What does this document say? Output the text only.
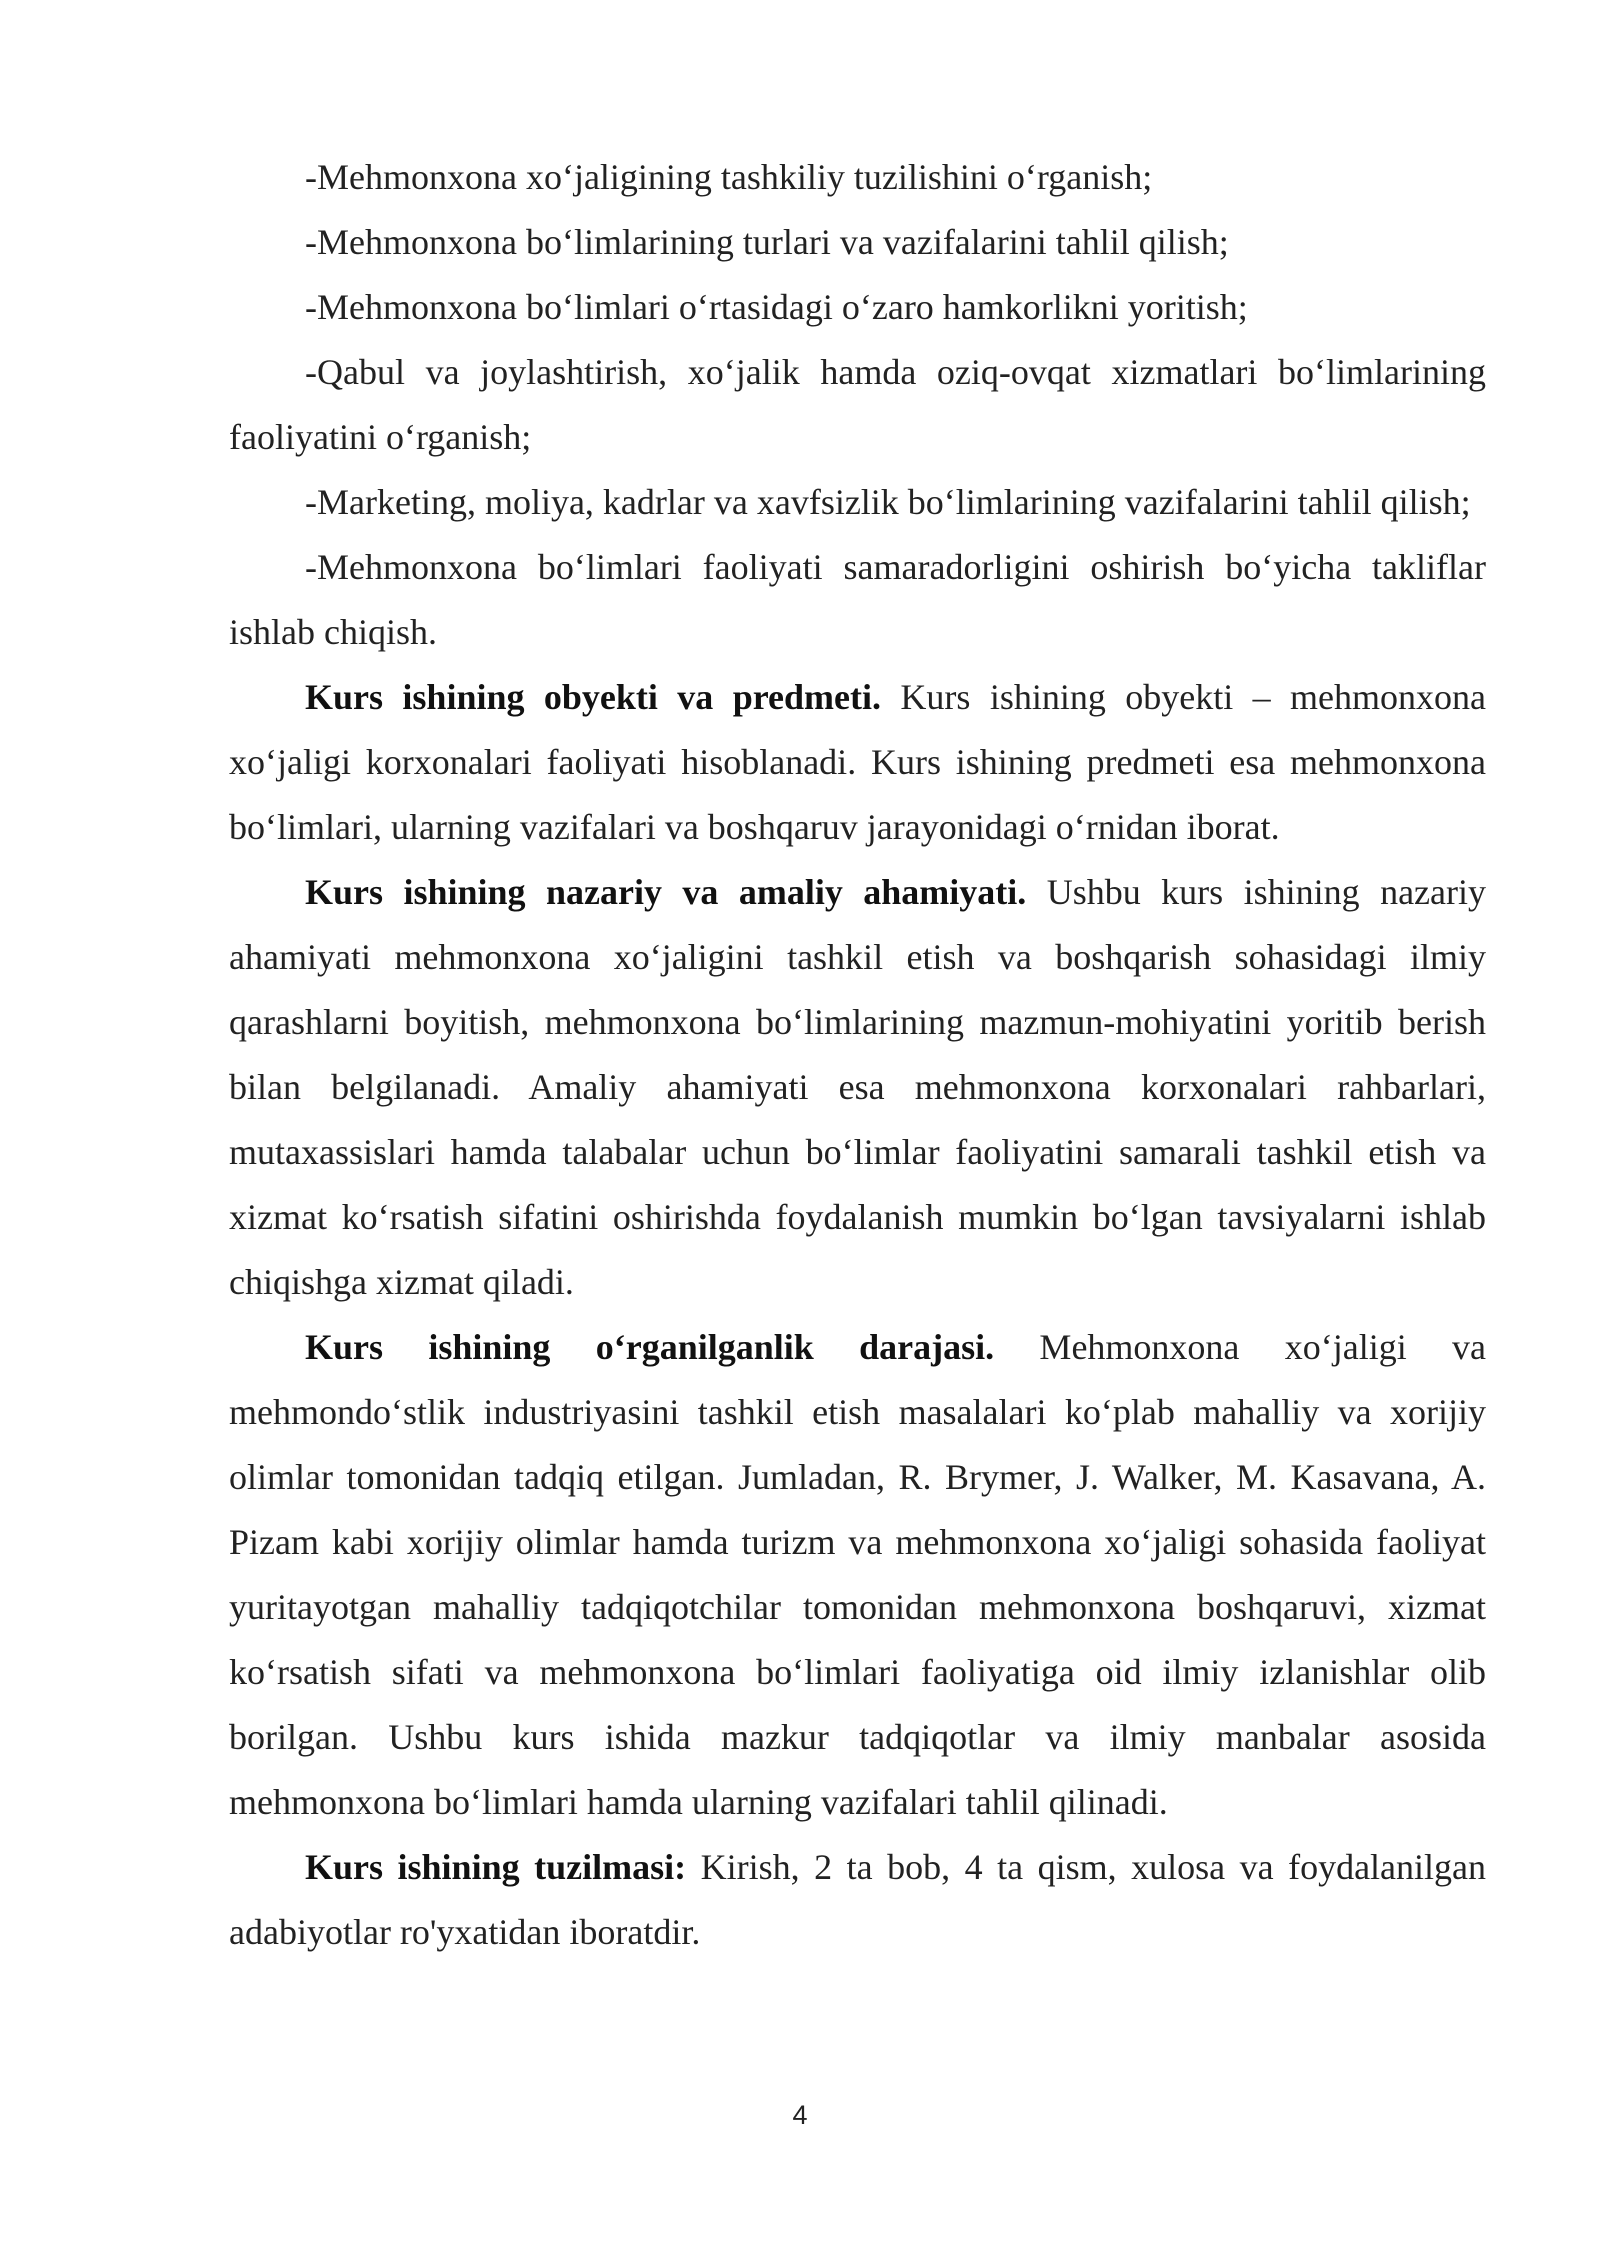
-Mehmonxona xo‘jaligining tashkiliy tuzilishini o‘rganish;

-Mehmonxona bo‘limlarining turlari va vazifalarini tahlil qilish;

-Mehmonxona bo‘limlari o‘rtasidagi o‘zaro hamkorlikni yoritish;

-Qabul va joylashtirish, xo‘jalik hamda oziq-ovqat xizmatlari bo‘limlarining faoliyatini o‘rganish;

-Marketing, moliya, kadrlar va xavfsizlik bo‘limlarining vazifalarini tahlil qilish;

-Mehmonxona bo‘limlari faoliyati samaradorligini oshirish bo‘yicha takliflar ishlab chiqish.

Kurs ishining obyekti va predmeti. Kurs ishining obyekti – mehmonxona xo‘jaligi korxonalari faoliyati hisoblanadi. Kurs ishining predmeti esa mehmonxona bo‘limlari, ularning vazifalari va boshqaruv jarayonidagi o‘rnidan iborat.

Kurs ishining nazariy va amaliy ahamiyati. Ushbu kurs ishining nazariy ahamiyati mehmonxona xo‘jaligini tashkil etish va boshqarish sohasidagi ilmiy qarashlarni boyitish, mehmonxona bo‘limlarining mazmun-mohiyatini yoritib berish bilan belgilanadi. Amaliy ahamiyati esa mehmonxona korxonalari rahbarlari, mutaxassislari hamda talabalar uchun bo‘limlar faoliyatini samarali tashkil etish va xizmat ko‘rsatish sifatini oshirishda foydalanish mumkin bo‘lgan tavsiyalarni ishlab chiqishga xizmat qiladi.

Kurs ishining o‘rganilganlik darajasi. Mehmonxona xo‘jaligi va mehmondo‘stlik industriyasini tashkil etish masalalari ko‘plab mahalliy va xorijiy olimlar tomonidan tadqiq etilgan. Jumladan, R. Brymer, J. Walker, M. Kasavana, A. Pizam kabi xorijiy olimlar hamda turizm va mehmonxona xo‘jaligi sohasida faoliyat yuritayotgan mahalliy tadqiqotchilar tomonidan mehmonxona boshqaruvi, xizmat ko‘rsatish sifati va mehmonxona bo‘limlari faoliyatiga oid ilmiy izlanishlar olib borilgan. Ushbu kurs ishida mazkur tadqiqotlar va ilmiy manbalar asosida mehmonxona bo‘limlari hamda ularning vazifalari tahlil qilinadi.

Kurs ishining tuzilmasi: Kirish, 2 ta bob, 4 ta qism, xulosa va foydalanilgan adabiyotlar ro'yxatidan iboratdir.

4
